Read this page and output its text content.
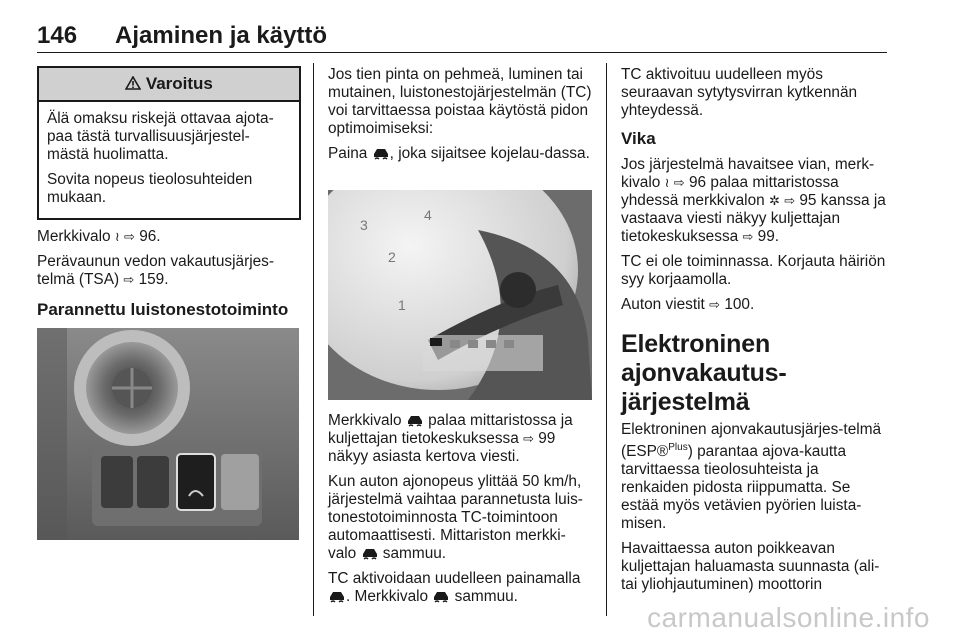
146 Ajaminen ja käyttö
Varoitus

Älä omaksu riskejä ottavaa ajota-paa tästä turvallisuusjärjestel-mästä huolimatta.

Sovita nopeus tieolosuhteiden mukaan.

Merkkivalo ≀ ⇨ 96.

Perävaunun vedon vakautusjärjes-telmä (TSA) ⇨ 159.

Parannettu luistonestotoiminto

Jos tien pinta on pehmeä, luminen tai mutainen, luistonestojärjestelmän (TC) voi tarvittaessa poistaa käytöstä pidon optimoimiseksi:

Paina , joka sijaitsee kojelau-dassa.

2
1
4
3

Merkkivalo palaa mittaristossa ja kuljettajan tietokeskuksessa ⇨ 99 näkyy asiasta kertova viesti.

Kun auton ajonopeus ylittää 50 km/h, järjestelmä vaihtaa parannetusta luis-tonestotoiminnosta TC-toimintoon automaattisesti. Mittariston merkki-valo sammuu.

TC aktivoidaan uudelleen painamalla . Merkkivalo sammuu.

TC aktivoituu uudelleen myös seuraavan sytytysvirran kytkennän yhteydessä.

Vika

Jos järjestelmä havaitsee vian, merk-kivalo ≀ ⇨ 96 palaa mittaristossa yhdessä merkkivalon ✲ ⇨ 95 kanssa ja vastaava viesti näkyy kuljettajan tietokeskuksessa ⇨ 99.

TC ei ole toiminnassa. Korjauta häiriön syy korjaamolla.

Auton viestit ⇨ 100.

Elektroninen ajonvakautus-järjestelmä

Elektroninen ajonvakautusjärjes-telmä (ESP®$^{Plus}$) parantaa ajova-kautta tarvittaessa tieolosuhteista ja renkaiden pidosta riippumatta. Se estää myös vetävien pyörien luista-misen.

Havaittaessa auton poikkeavan kuljettajan haluamasta suunnasta (ali- tai yliohjautuminen) moottorin

carmanualsonline.info
